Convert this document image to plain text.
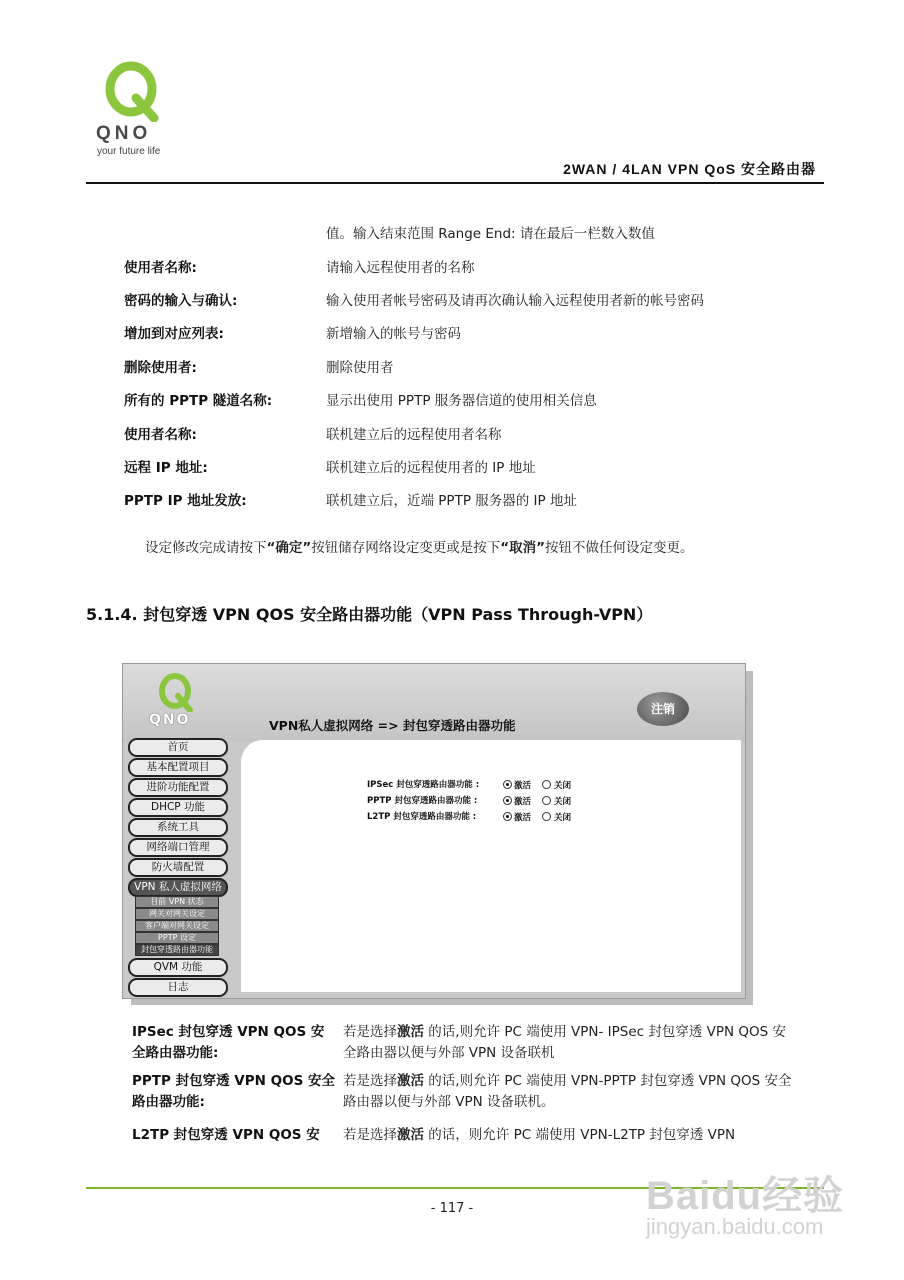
QNO
your future life
2WAN / 4LAN VPN QoS 安全路由器
值。输入结束范围 Range End: 请在最后一栏数入数值
使用者名称:	请输入远程使用者的名称
密码的输入与确认:	输入使用者帐号密码及请再次确认输入远程使用者新的帐号密码
增加到对应列表:	新增输入的帐号与密码
删除使用者:	删除使用者
所有的 PPTP 隧道名称:	显示出使用 PPTP 服务器信道的使用相关信息
使用者名称:	联机建立后的远程使用者名称
远程 IP 地址:	联机建立后的远程使用者的 IP 地址
PPTP IP 地址发放:	联机建立后，近端 PPTP 服务器的 IP 地址
设定修改完成请按下“确定”按钮储存网络设定变更或是按下“取消”按钮不做任何设定变更。
5.1.4. 封包穿透 VPN QOS 安全路由器功能（VPN Pass Through-VPN）
QNO
注销
VPN私人虚拟网络 => 封包穿透路由器功能
首页
基本配置项目
进阶功能配置
DHCP 功能
系统工具
网络端口管理
防火墙配置
VPN 私人虚拟网络
目前 VPN 状态
网关对网关设定
客户端对网关设定
PPTP 设定
封包穿透路由器功能
QVM 功能
日志
IPSec 封包穿透路由器功能 :	激活	关闭
PPTP 封包穿透路由器功能 :	激活	关闭
L2TP 封包穿透路由器功能 :	激活	关闭
IPSec 封包穿透 VPN QOS 安全路由器功能:
若是选择激活 的话,则允许 PC 端使用 VPN- IPSec 封包穿透 VPN QOS 安全路由器以便与外部 VPN 设备联机
PPTP 封包穿透 VPN QOS 安全路由器功能:
若是选择激活 的话,则允许 PC 端使用 VPN-PPTP 封包穿透 VPN QOS 安全路由器以便与外部 VPN 设备联机。
L2TP 封包穿透 VPN QOS 安	若是选择激活 的话，则允许 PC 端使用 VPN-L2TP 封包穿透 VPN
- 117 -	Baidu经验
jingyan.baidu.com
